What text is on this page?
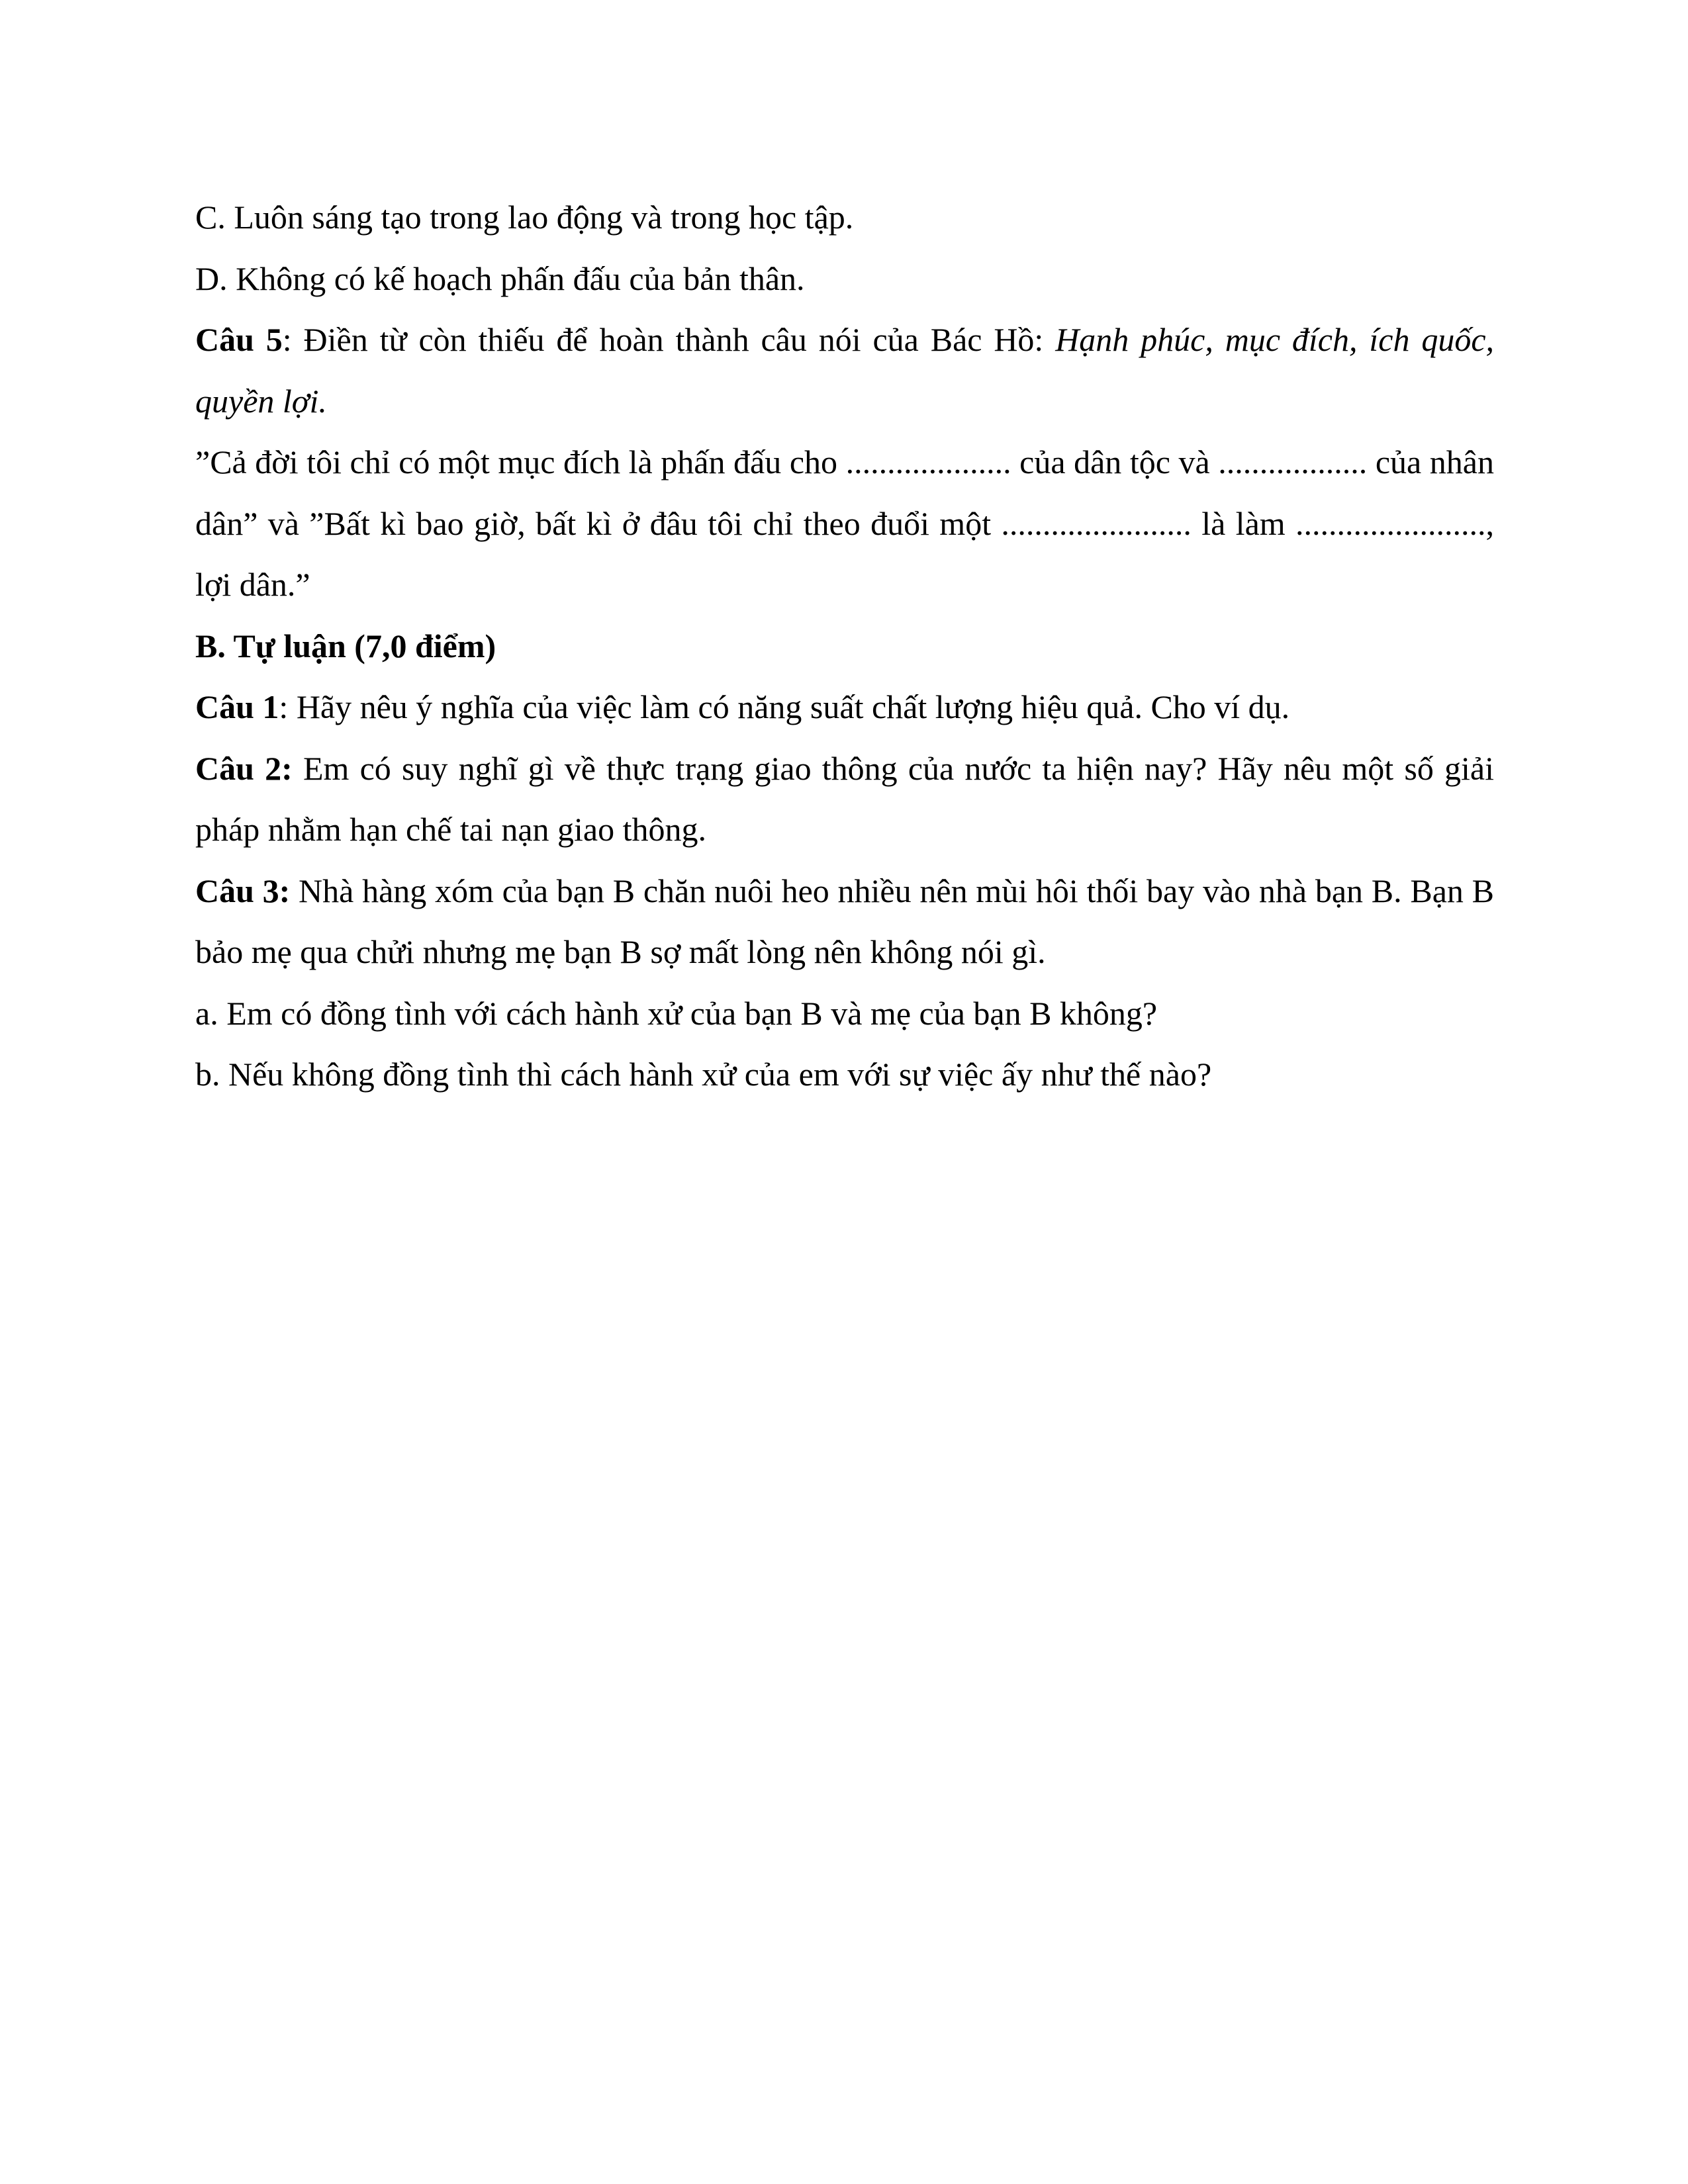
C. Luôn sáng tạo trong lao động và trong học tập.

D. Không có kế hoạch phấn đấu của bản thân.

Câu 5: Điền từ còn thiếu để hoàn thành câu nói của Bác Hồ: Hạnh phúc, mục đích, ích quốc, quyền lợi.

”Cả đời tôi chỉ có một mục đích là phấn đấu cho .................... của dân tộc và .................. của nhân dân” và ”Bất kì bao giờ, bất kì ở đâu tôi chỉ theo đuổi một ....................... là làm ......................., lợi dân.”

B. Tự luận (7,0 điểm)

Câu 1: Hãy nêu ý nghĩa của việc làm có năng suất chất lượng hiệu quả. Cho ví dụ.

Câu 2: Em có suy nghĩ gì về thực trạng giao thông của nước ta hiện nay? Hãy nêu một số giải pháp nhằm hạn chế tai nạn giao thông.

Câu 3: Nhà hàng xóm của bạn B chăn nuôi heo nhiều nên mùi hôi thối bay vào nhà bạn B. Bạn B bảo mẹ qua chửi nhưng mẹ bạn B sợ mất lòng nên không nói gì.

a. Em có đồng tình với cách hành xử của bạn B và mẹ của bạn B không?

b. Nếu không đồng tình thì cách hành xử của em với sự việc ấy như thế nào?
